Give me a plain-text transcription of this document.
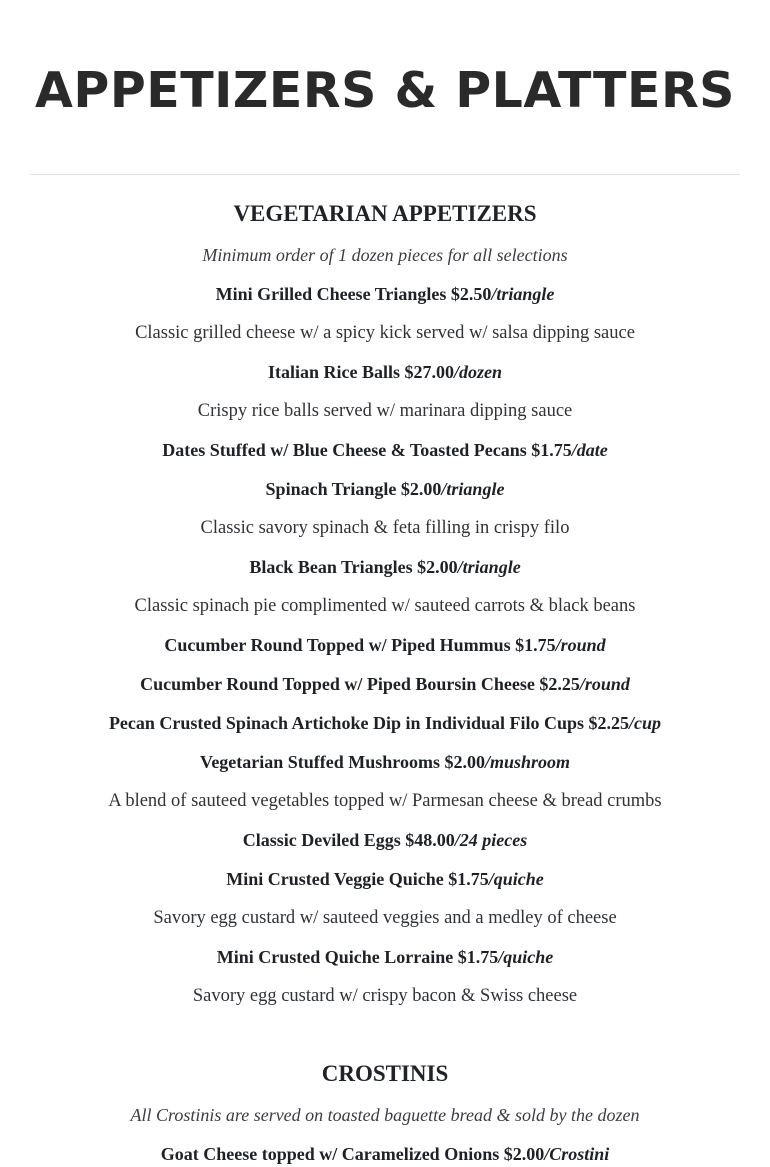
APPETIZERS & PLATTERS
VEGETARIAN APPETIZERS
Minimum order of 1 dozen pieces for all selections
Mini Grilled Cheese Triangles $2.50/triangle
Classic grilled cheese w/ a spicy kick served w/ salsa dipping sauce
Italian Rice Balls $27.00/dozen
Crispy rice balls served w/ marinara dipping sauce
Dates Stuffed w/ Blue Cheese & Toasted Pecans $1.75/date
Spinach Triangle $2.00/triangle
Classic savory spinach & feta filling in crispy filo
Black Bean Triangles $2.00/triangle
Classic spinach pie complimented w/ sauteed carrots & black beans
Cucumber Round Topped w/ Piped Hummus $1.75/round
Cucumber Round Topped w/ Piped Boursin Cheese $2.25/round
Pecan Crusted Spinach Artichoke Dip in Individual Filo Cups $2.25/cup
Vegetarian Stuffed Mushrooms $2.00/mushroom
A blend of sauteed vegetables topped w/ Parmesan cheese & bread crumbs
Classic Deviled Eggs $48.00/24 pieces
Mini Crusted Veggie Quiche $1.75/quiche
Savory egg custard w/ sauteed veggies and a medley of cheese
Mini Crusted Quiche Lorraine $1.75/quiche
Savory egg custard w/ crispy bacon & Swiss cheese
CROSTINIS
All Crostinis are served on toasted baguette bread & sold by the dozen
Goat Cheese topped w/ Caramelized Onions $2.00/Crostini
